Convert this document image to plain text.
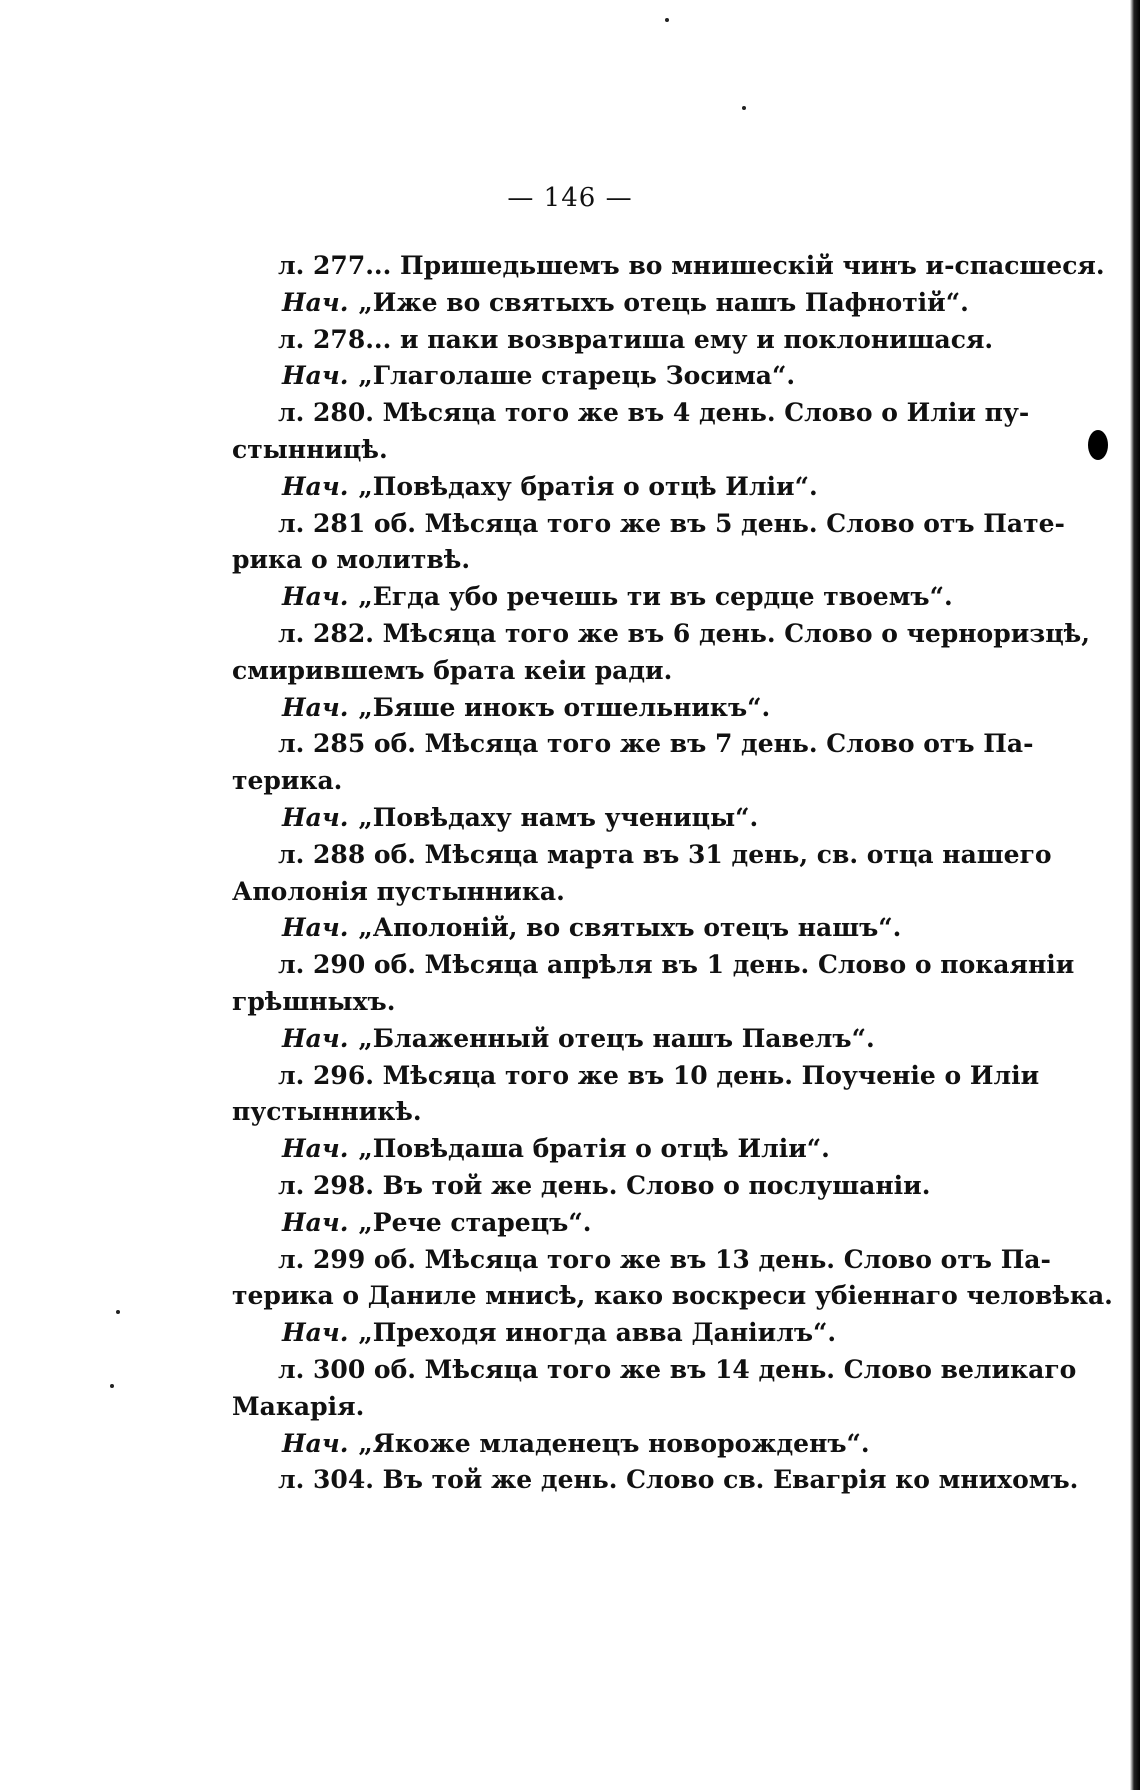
— 146 —
л. 277... Пришедьшемъ во мнишескій чинъ и-спасшеся.
Нач. „Иже во святыхъ отець нашъ Пафнотій“.
л. 278... и паки возвратиша ему и поклонишася.
Нач. „Глаголаше старець Зосима“.
л. 280. Мѣсяца того же въ 4 день. Слово о Иліи пу-
стынницѣ.
Нач. „Повѣдаху братія о отцѣ Иліи“.
л. 281 об. Мѣсяца того же въ 5 день. Слово отъ Пате-
рика о молитвѣ.
Нач. „Егда убо речешь ти въ сердце твоемъ“.
л. 282. Мѣсяца того же въ 6 день. Слово о черноризцѣ,
смирившемъ брата кеіи ради.
Нач. „Бяше инокъ отшельникъ“.
л. 285 об. Мѣсяца того же въ 7 день. Слово отъ Па-
терика.
Нач. „Повѣдаху намъ ученицы“.
л. 288 об. Мѣсяца марта въ 31 день, св. отца нашего
Аполонія пустынника.
Нач. „Аполоній, во святыхъ отецъ нашъ“.
л. 290 об. Мѣсяца апрѣля въ 1 день. Слово о покаяніи
грѣшныхъ.
Нач. „Блаженный отецъ нашъ Павелъ“.
л. 296. Мѣсяца того же въ 10 день. Поученіе о Иліи
пустынникѣ.
Нач. „Повѣдаша братія о отцѣ Иліи“.
л. 298. Въ той же день. Слово о послушаніи.
Нач. „Рече старецъ“.
л. 299 об. Мѣсяца того же въ 13 день. Слово отъ Па-
терика о Даниле мнисѣ, како воскреси убіеннаго человѣка.
Нач. „Преходя иногда авва Даніилъ“.
л. 300 об. Мѣсяца того же въ 14 день. Слово великаго
Макарія.
Нач. „Якоже младенецъ новорожденъ“.
л. 304. Въ той же день. Слово св. Евагрія ко мнихомъ.
